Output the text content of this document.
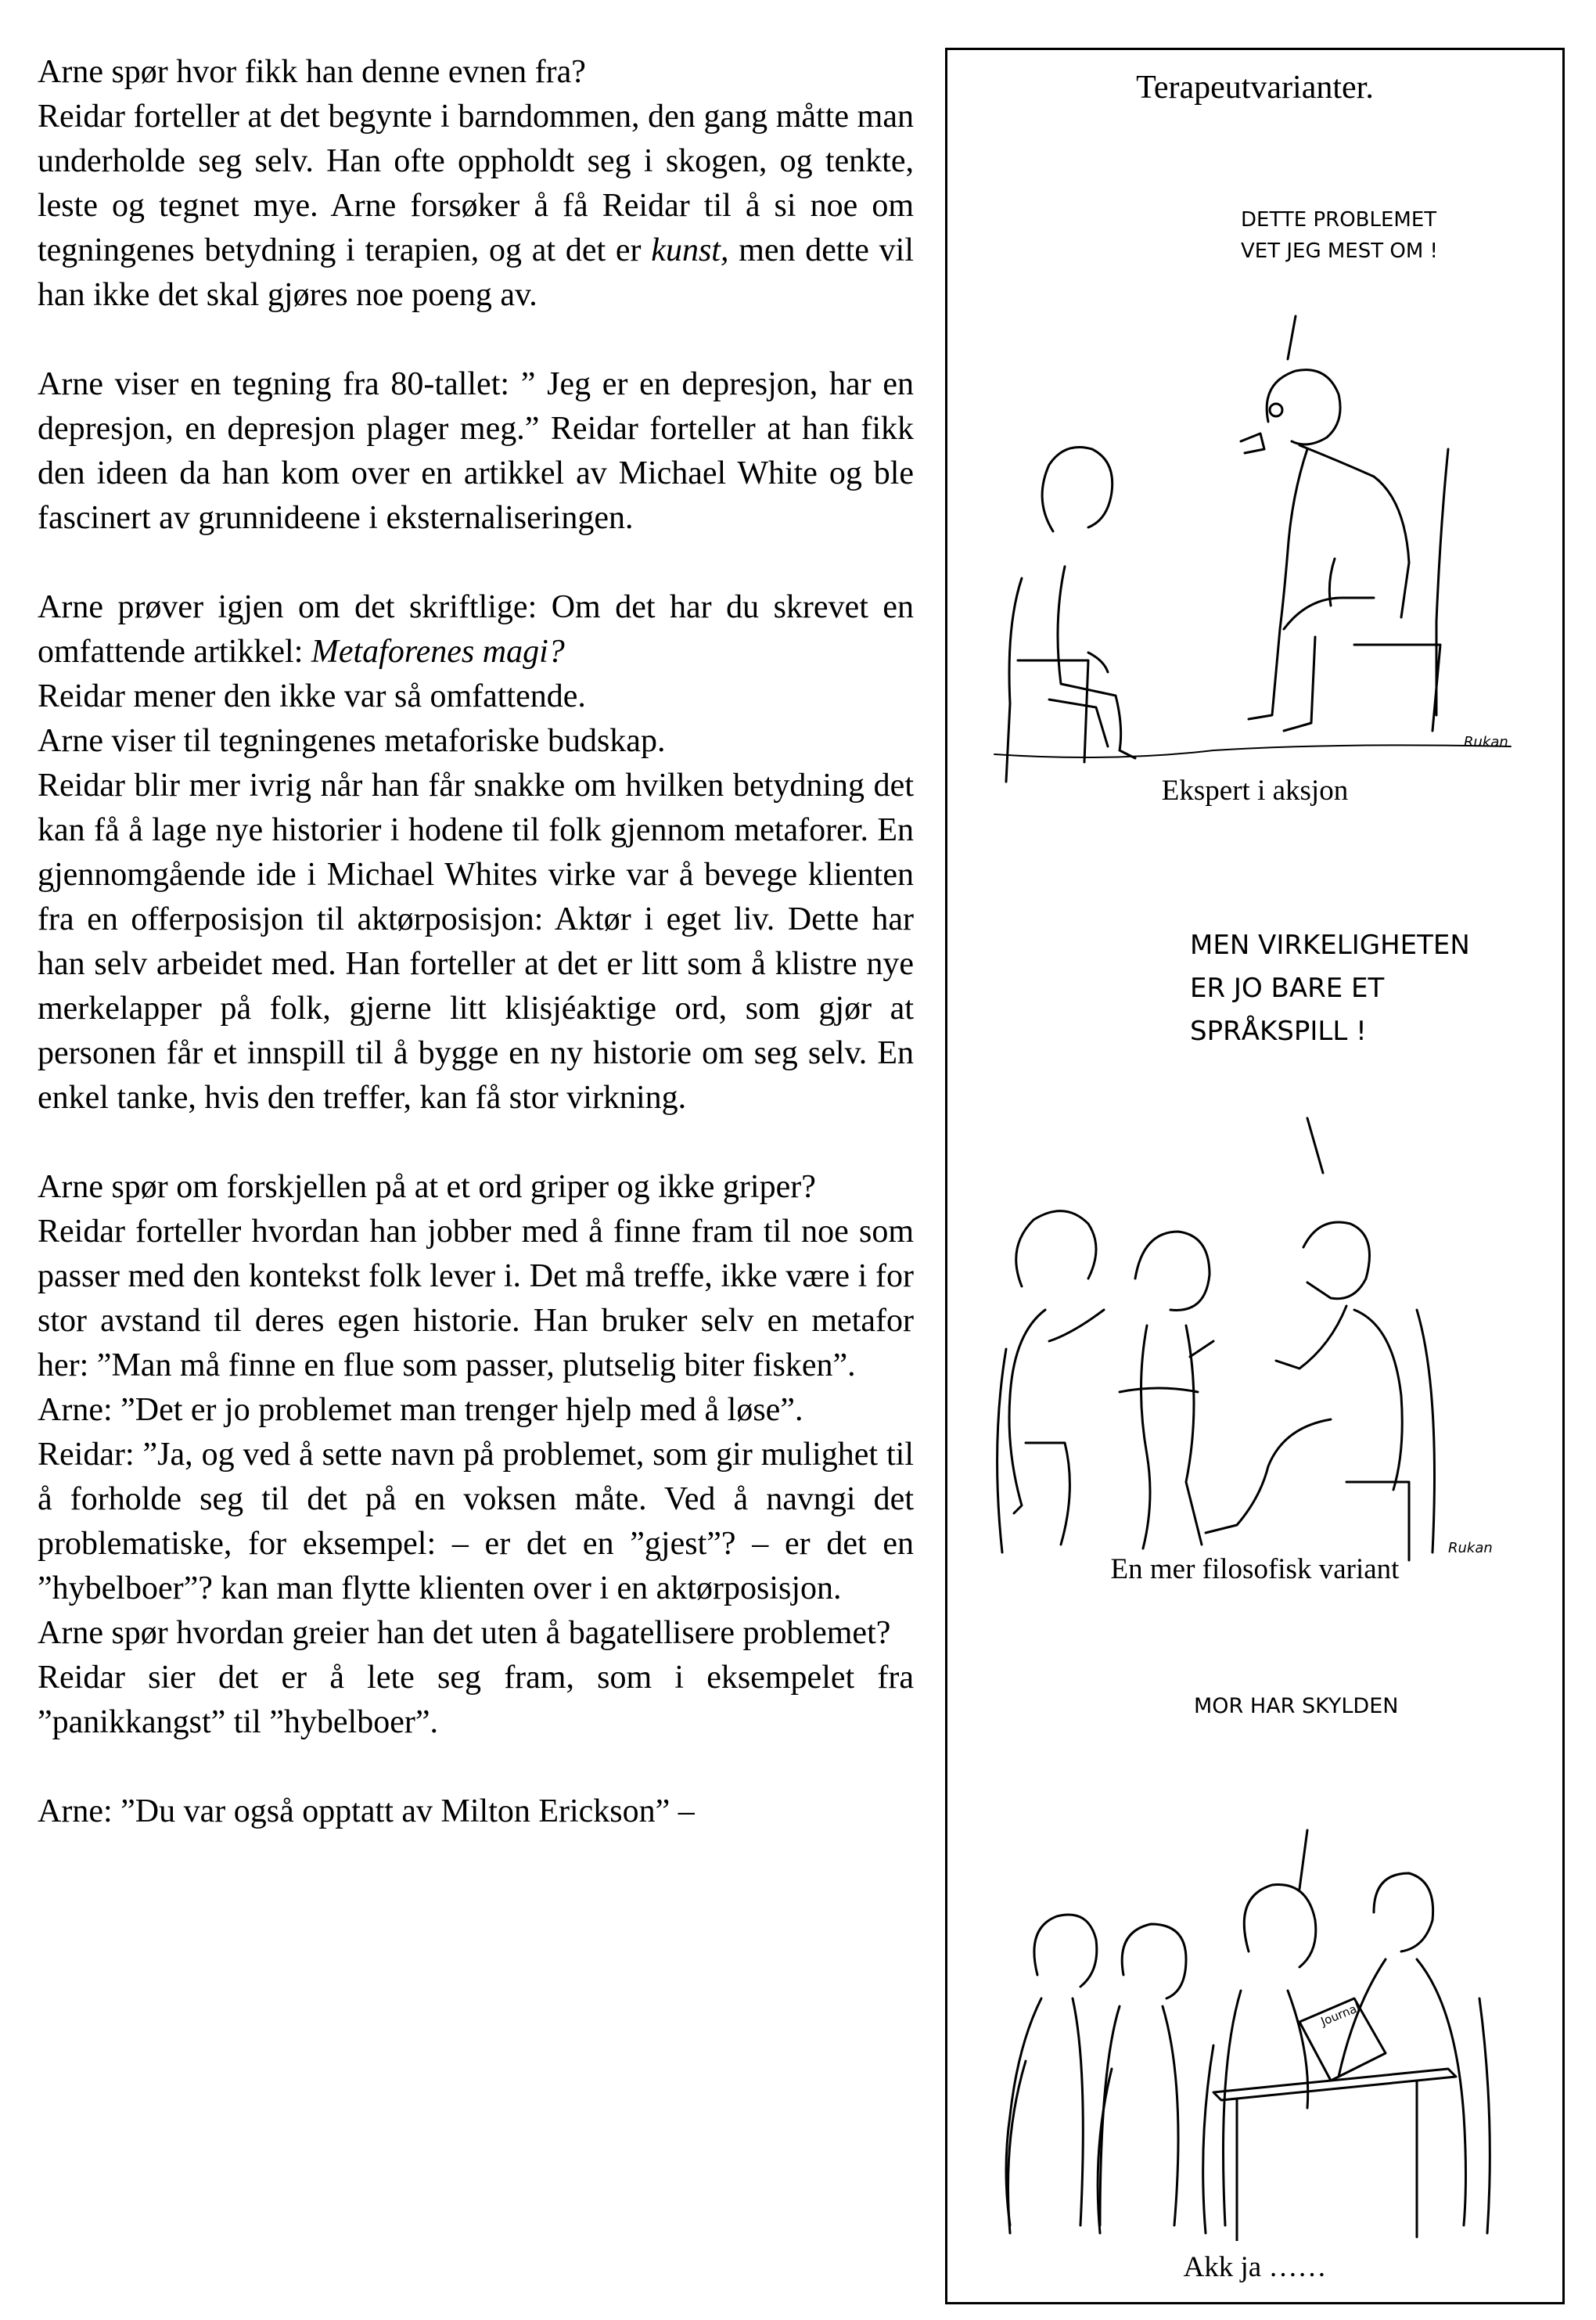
Arne spør hvor fikk han denne evnen fra?

Reidar forteller at det begynte i barndommen, den gang måtte man underholde seg selv. Han ofte oppholdt seg i skogen, og tenkte, leste og tegnet mye. Arne forsøker å få Reidar til å si noe om tegningenes betydning i terapien, og at det er kunst, men dette vil han ikke det skal gjøres noe poeng av.

Arne viser en tegning fra 80-tallet: ” Jeg er en depresjon, har en depresjon, en depresjon plager meg.” Reidar forteller at han fikk den ideen da han kom over en artikkel av Michael White og ble fascinert av grunnideene i eksternaliseringen.

Arne prøver igjen om det skriftlige: Om det har du skrevet en omfattende artikkel: Metaforenes magi?

Reidar mener den ikke var så omfattende.

Arne viser til tegningenes metaforiske budskap.

Reidar blir mer ivrig når han får snakke om hvilken betydning det kan få å lage nye historier i hodene til folk gjennom metaforer. En gjennomgående ide i Michael Whites virke var å bevege klienten fra en offerposisjon til aktørposisjon: Aktør i eget liv. Dette har han selv arbeidet med. Han forteller at det er litt som å klistre nye merkelapper på folk, gjerne litt klisjéaktige ord, som gjør at personen får et innspill til å bygge en ny historie om seg selv. En enkel tanke, hvis den treffer, kan få stor virkning.

Arne spør om forskjellen på at et ord griper og ikke griper?

Reidar forteller hvordan han jobber med å finne fram til noe som passer med den kontekst folk lever i. Det må treffe, ikke være i for stor avstand til deres egen historie. Han bruker selv en metafor her: ”Man må finne en flue som passer, plutselig biter fisken”.

Arne: ”Det er jo problemet man trenger hjelp med å løse”.

Reidar: ”Ja, og ved å sette navn på problemet, som gir mulighet til å forholde seg til det på en voksen måte. Ved å navngi det problematiske, for eksempel: – er det en ”gjest”? – er det en ”hybelboer”? kan man flytte klienten over i en aktørposisjon.

Arne spør hvordan greier han det uten å bagatellisere problemet?

Reidar sier det er å lete seg fram, som i eksempelet fra ”panikkangst” til ”hybelboer”.

Arne: ”Du var også opptatt av Milton Erickson” –

Terapeutvarianter.
DETTE PROBLEMET
VET JEG MEST OM !
Rukan
Ekspert i aksjon
MEN VIRKELIGHETEN
ER JO BARE ET
SPRÅKSPILL !
Rukan
En mer filosofisk variant
MOR HAR SKYLDEN
Journal
Akk ja ……
